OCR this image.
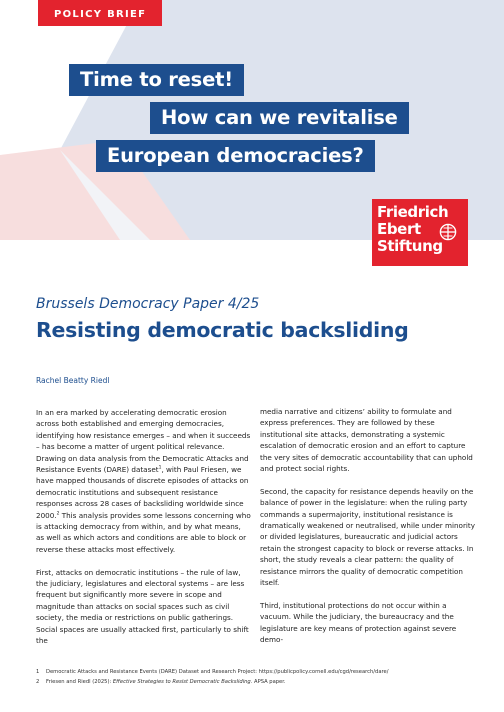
POLICY BRIEF
Time to reset!
How can we revitalise
European democracies?
Friedrich
Ebert
Stiftung
Brussels Democracy Paper 4/25
Resisting democratic backsliding
Rachel Beatty Riedl

In an era marked by accelerating democratic erosion across both established and emerging democracies, identifying how resistance emerges – and when it succeeds – has become a matter of urgent political relevance. Drawing on data analysis from the Democratic Attacks and Resistance Events (DARE) dataset$^1$, with Paul Friesen, we have mapped thousands of discrete episodes of attacks on democratic institutions and subsequent resistance responses across 28 cases of backsliding worldwide since 2000.$^2$ This analysis provides some lessons concerning who is attacking democracy from within, and by what means, as well as which actors and conditions are able to block or reverse these attacks most effectively.

First, attacks on democratic institutions – the rule of law, the judiciary, legislatures and electoral systems – are less frequent but significantly more severe in scope and magnitude than attacks on social spaces such as civil society, the media or restrictions on public gatherings. Social spaces are usually attacked first, particularly to shift the

media narrative and citizens’ ability to formulate and express preferences. They are followed by these institutional site attacks, demonstrating a systemic escalation of democratic erosion and an effort to capture the very sites of democratic accountability that can uphold and protect social rights.

Second, the capacity for resistance depends heavily on the balance of power in the legislature: when the ruling party commands a supermajority, institutional resistance is dramatically weakened or neutralised, while under minority or divided legislatures, bureaucratic and judicial actors retain the strongest capacity to block or reverse attacks. In short, the study reveals a clear pattern: the quality of resistance mirrors the quality of democratic competition itself.

Third, institutional protections do not occur within a vacuum. While the judiciary, the bureaucracy and the legislature are key means of protection against severe demo-

1 Democratic Attacks and Resistance Events (DARE) Dataset and Research Project: https://publicpolicy.cornell.edu/cgd/research/dare/
2 Friesen and Riedl (2025): Effective Strategies to Resist Democratic Backsliding. APSA paper.
